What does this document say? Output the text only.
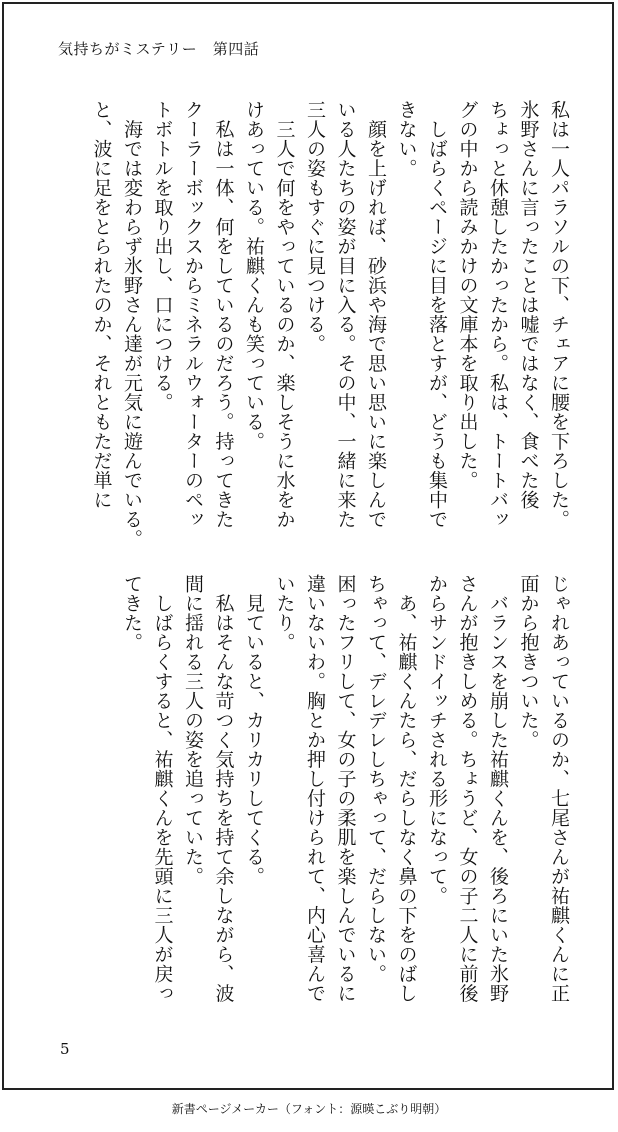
気持ちがミステリー　第四話
私は一人パラソルの下、チェアに腰を下ろした。
氷野さんに言ったことは嘘ではなく、食べた後
ちょっと休憩したかったから。私は、トートバッ
グの中から読みかけの文庫本を取り出した。
　しばらくページに目を落とすが、どうも集中で
きない。
　顔を上げれば、砂浜や海で思い思いに楽しんで
いる人たちの姿が目に入る。その中、一緒に来た
三人の姿もすぐに見つける。
　三人で何をやっているのか、楽しそうに水をか
けあっている。祐麒くんも笑っている。
　私は一体、何をしているのだろう。持ってきた
クーラーボックスからミネラルウォーターのペッ
トボトルを取り出し、口につける。
　海では変わらず氷野さん達が元気に遊んでいる。
と、波に足をとられたのか、それともただ単に
じゃれあっているのか、七尾さんが祐麒くんに正
面から抱きついた。
　バランスを崩した祐麒くんを、後ろにいた氷野
さんが抱きしめる。ちょうど、女の子二人に前後
からサンドイッチされる形になって。
　あ、祐麒くんたら、だらしなく鼻の下をのばし
ちゃって、デレデレしちゃって、だらしない。
困ったフリして、女の子の柔肌を楽しんでいるに
違いないわ。胸とか押し付けられて、内心喜んで
いたり。
　見ていると、カリカリしてくる。
　私はそんな苛つく気持ちを持て余しながら、波
間に揺れる三人の姿を追っていた。
　しばらくすると、祐麒くんを先頭に三人が戻っ
てきた。
5
新書ページメーカー（フォント：源暎こぶり明朝）
